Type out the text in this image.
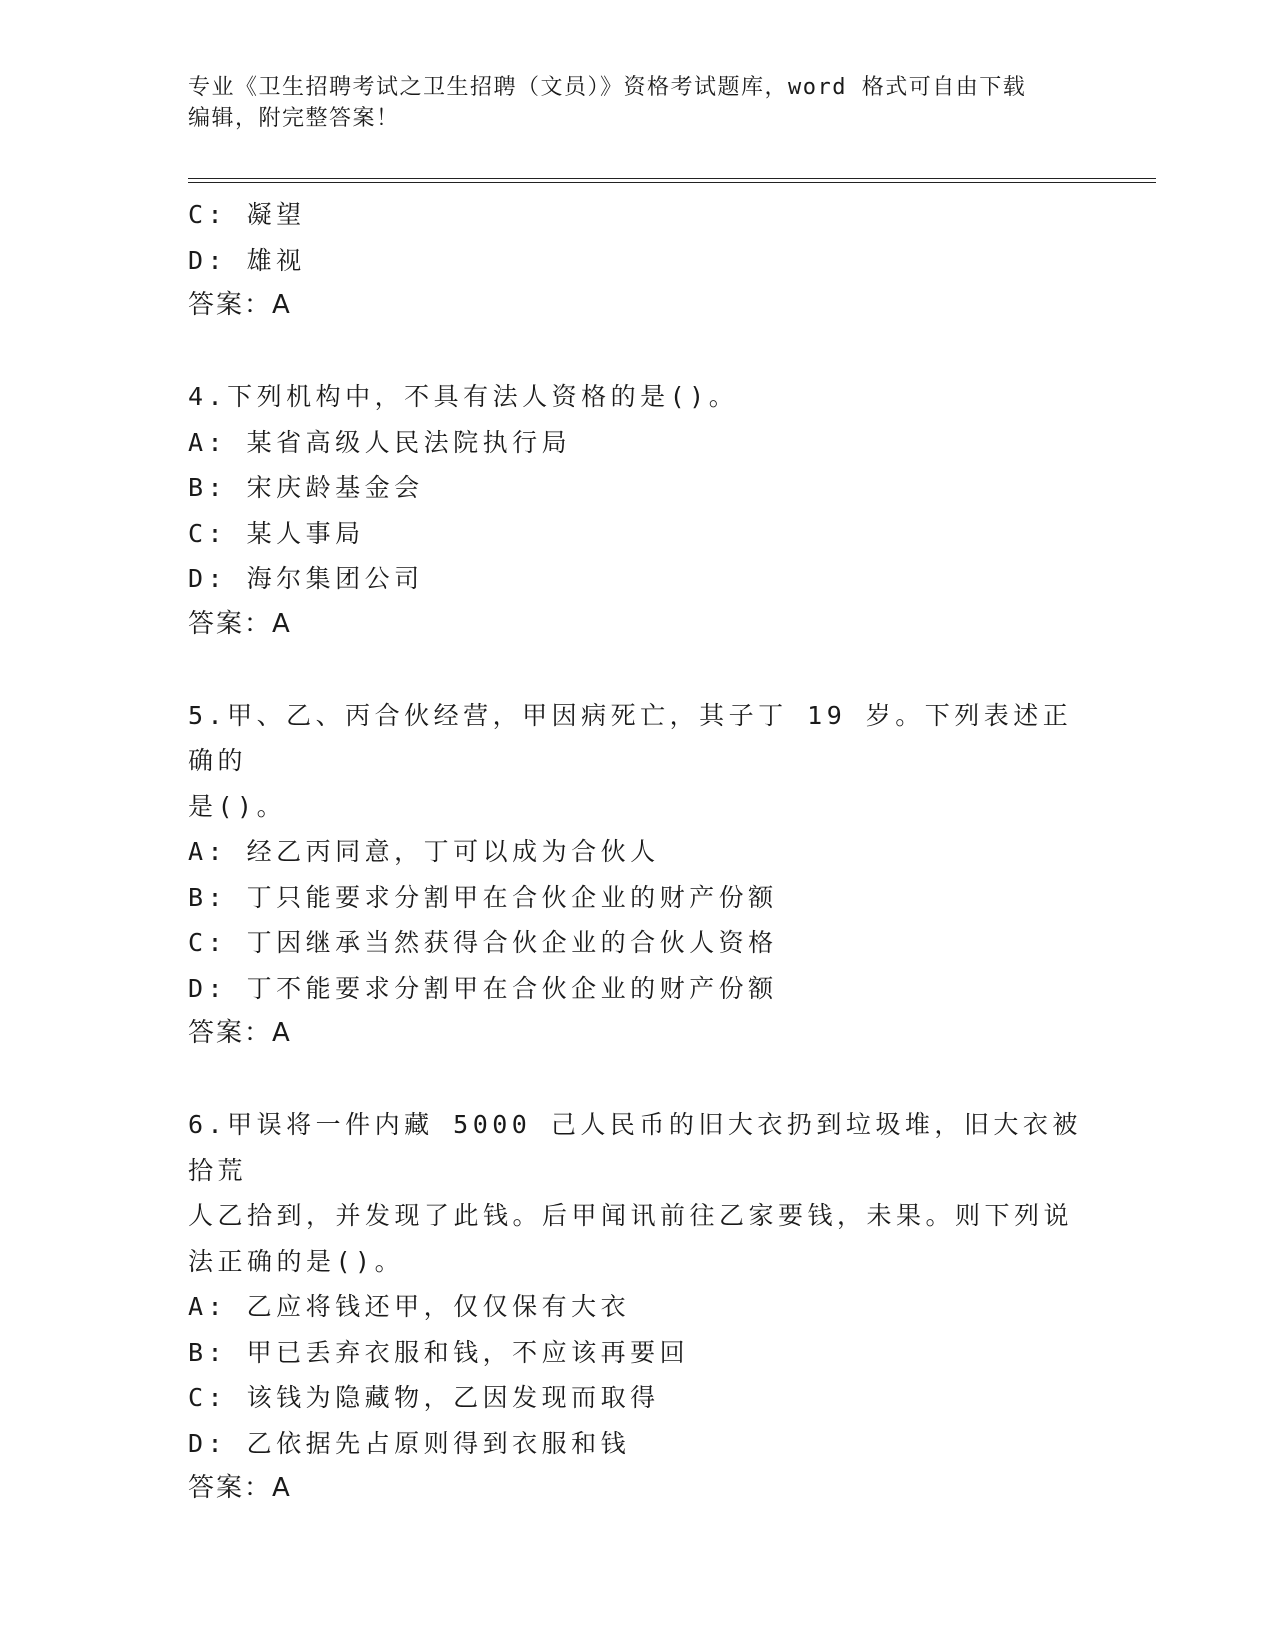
专业《卫生招聘考试之卫生招聘（文员）》资格考试题库，word 格式可自由下载
编辑，附完整答案！
C: 凝望
D: 雄视
答案：A
4.下列机构中，不具有法人资格的是()。
A: 某省高级人民法院执行局
B: 宋庆龄基金会
C: 某人事局
D: 海尔集团公司
答案：A
5.甲、乙、丙合伙经营，甲因病死亡，其子丁 19 岁。下列表述正确的
是()。
A: 经乙丙同意，丁可以成为合伙人
B: 丁只能要求分割甲在合伙企业的财产份额
C: 丁因继承当然获得合伙企业的合伙人资格
D: 丁不能要求分割甲在合伙企业的财产份额
答案：A
6.甲误将一件内藏 5000 己人民币的旧大衣扔到垃圾堆，旧大衣被拾荒
人乙拾到，并发现了此钱。后甲闻讯前往乙家要钱，未果。则下列说
法正确的是()。
A: 乙应将钱还甲，仅仅保有大衣
B: 甲已丢弃衣服和钱，不应该再要回
C: 该钱为隐藏物，乙因发现而取得
D: 乙依据先占原则得到衣服和钱
答案：A
